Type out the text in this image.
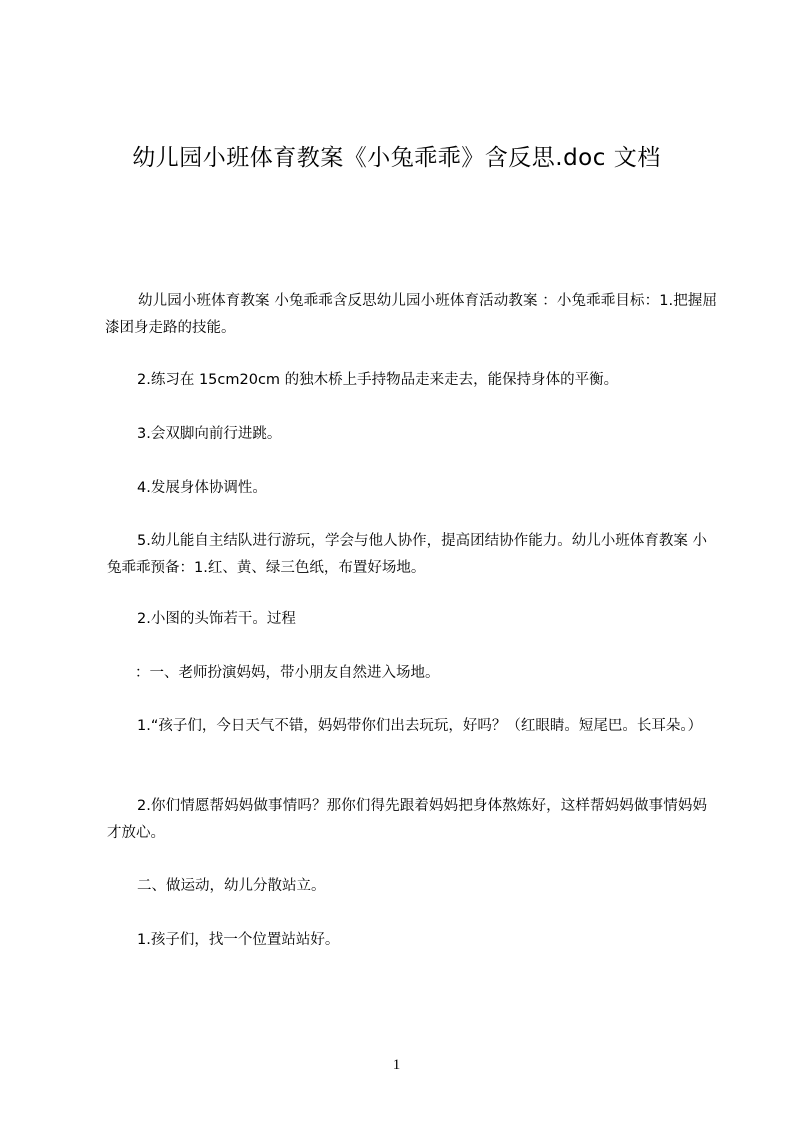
幼儿园小班体育教案《小兔乖乖》含反思.doc 文档
幼儿园小班体育教案 小兔乖乖含反思幼儿园小班体育活动教案 ：小兔乖乖目标：1.把握屈漆团身走路的技能。
2.练习在 15cm20cm 的独木桥上手持物品走来走去，能保持身体的平衡。
3.会双脚向前行进跳。
4.发展身体协调性。
5.幼儿能自主结队进行游玩，学会与他人协作，提高团结协作能力。幼儿小班体育教案 小兔乖乖预备：1.红、黄、绿三色纸，布置好场地。
2.小图的头饰若干。过程
：一、老师扮演妈妈，带小朋友自然进入场地。
1.“孩子们，今日天气不错，妈妈带你们出去玩玩，好吗？（红眼睛。短尾巴。长耳朵。）
2.你们情愿帮妈妈做事情吗？那你们得先跟着妈妈把身体熬炼好，这样帮妈妈做事情妈妈才放心。
二、做运动，幼儿分散站立。
1.孩子们，找一个位置站站好。
1
